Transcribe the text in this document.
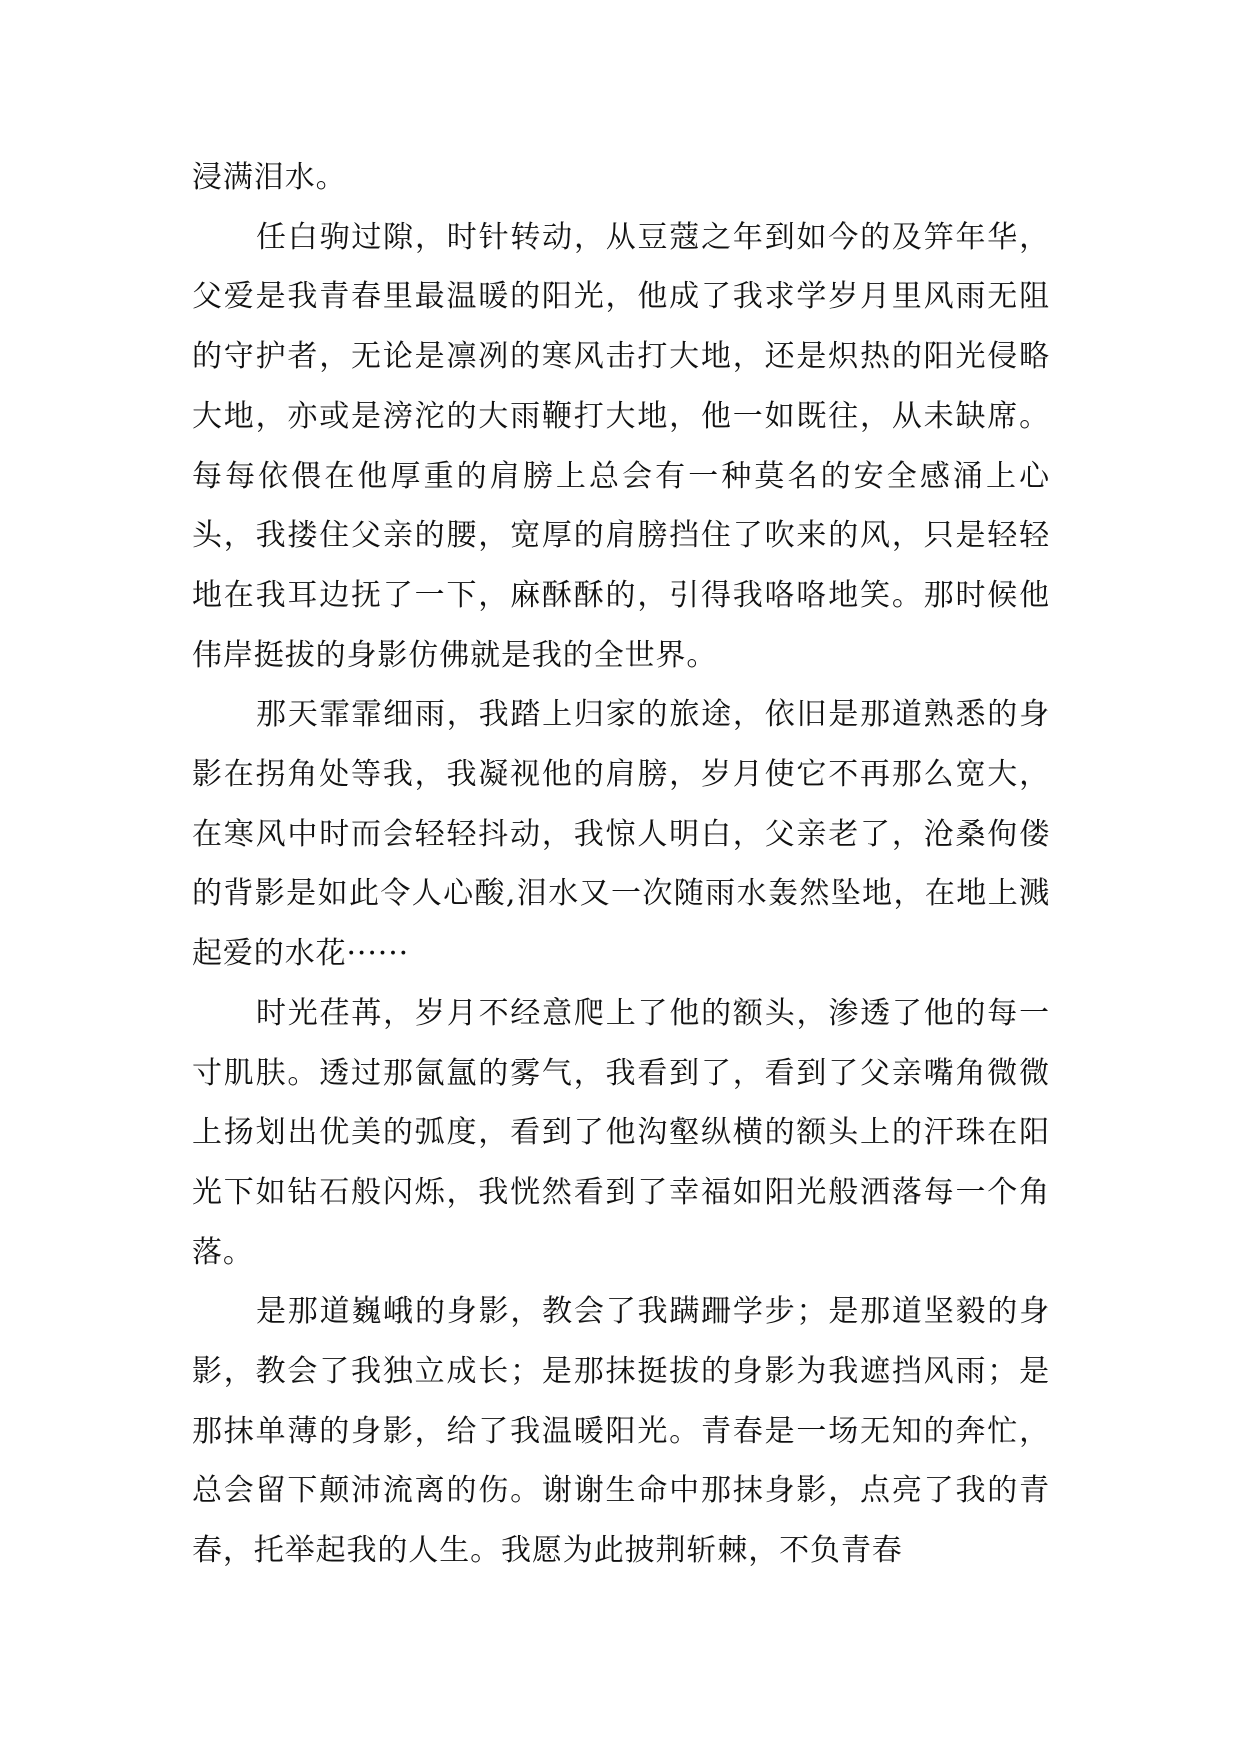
浸满泪水。

任白驹过隙，时针转动，从豆蔻之年到如今的及笄年华，父爱是我青春里最温暖的阳光，他成了我求学岁月里风雨无阻的守护者，无论是凛冽的寒风击打大地，还是炽热的阳光侵略大地，亦或是滂沱的大雨鞭打大地，他一如既往，从未缺席。每每依偎在他厚重的肩膀上总会有一种莫名的安全感涌上心头，我搂住父亲的腰，宽厚的肩膀挡住了吹来的风，只是轻轻地在我耳边抚了一下，麻酥酥的，引得我咯咯地笑。那时候他伟岸挺拔的身影仿佛就是我的全世界。

那天霏霏细雨，我踏上归家的旅途，依旧是那道熟悉的身影在拐角处等我，我凝视他的肩膀，岁月使它不再那么宽大，在寒风中时而会轻轻抖动，我惊人明白，父亲老了，沧桑佝偻的背影是如此令人心酸,泪水又一次随雨水轰然坠地，在地上溅起爱的水花······

时光荏苒，岁月不经意爬上了他的额头，渗透了他的每一寸肌肤。透过那氤氲的雾气，我看到了，看到了父亲嘴角微微上扬划出优美的弧度，看到了他沟壑纵横的额头上的汗珠在阳光下如钻石般闪烁，我恍然看到了幸福如阳光般洒落每一个角落。

是那道巍峨的身影，教会了我蹒跚学步；是那道坚毅的身影，教会了我独立成长；是那抹挺拔的身影为我遮挡风雨；是那抹单薄的身影，给了我温暖阳光。青春是一场无知的奔忙，总会留下颠沛流离的伤。谢谢生命中那抹身影，点亮了我的青春，托举起我的人生。我愿为此披荆斩棘，不负青春
